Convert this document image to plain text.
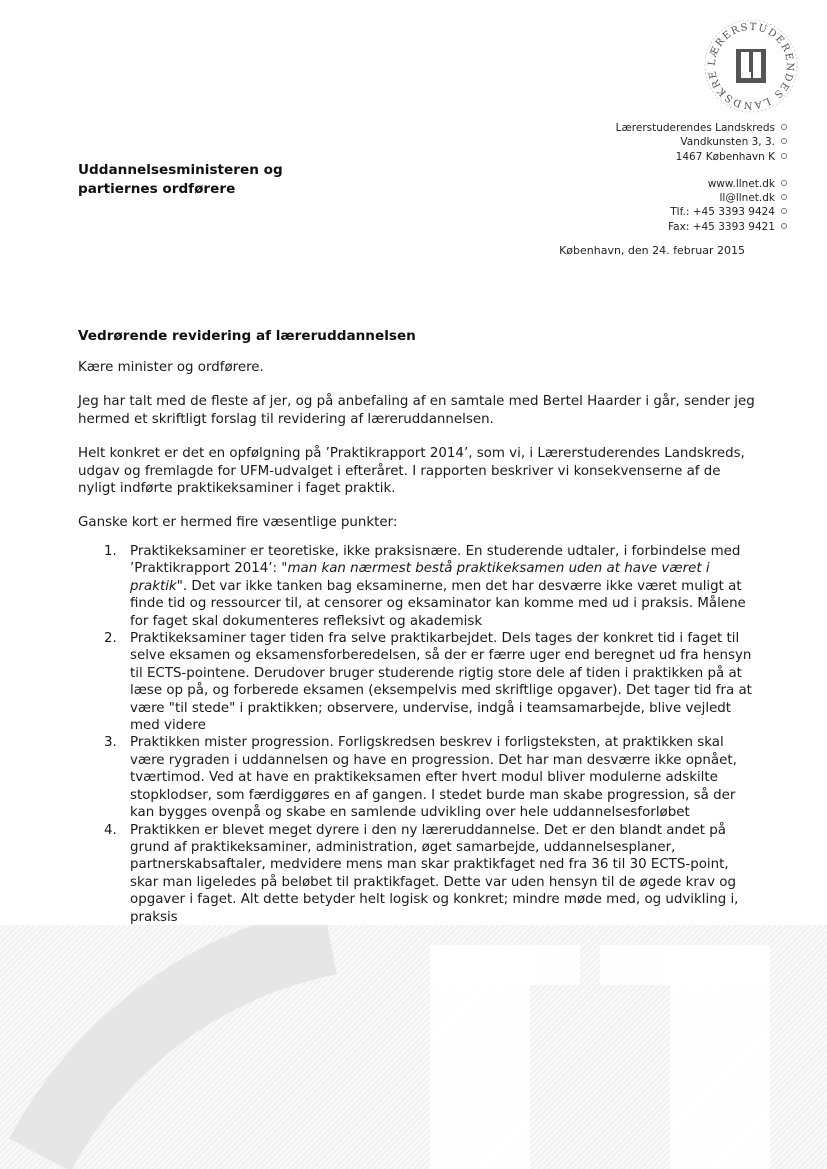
LÆRERSTUDERENDES LANDSKRE
LL
Lærerstuderendes Landskreds
Vandkunsten 3, 3.
1467 København K
www.llnet.dk
ll@llnet.dk
Tlf.: +45 3393 9424
Fax: +45 3393 9421
Uddannelsesministeren og
partiernes ordførere
København, den 24. februar 2015
Vedrørende revidering af læreruddannelsen

Kære minister og ordførere.

Jeg har talt med de fleste af jer, og på anbefaling af en samtale med Bertel Haarder i går, sender jeg hermed et skriftligt forslag til revidering af læreruddannelsen.

Helt konkret er det en opfølgning på ’Praktikrapport 2014’, som vi, i Lærerstuderendes Landskreds, udgav og fremlagde for UFM-udvalget i efteråret. I rapporten beskriver vi konsekvenserne af de nyligt indførte praktikeksaminer i faget praktik.

Ganske kort er hermed fire væsentlige punkter:

1. Praktikeksaminer er teoretiske, ikke praksisnære. En studerende udtaler, i forbindelse med ’Praktikrapport 2014’: "man kan nærmest bestå praktikeksamen uden at have været i praktik". Det var ikke tanken bag eksaminerne, men det har desværre ikke været muligt at finde tid og ressourcer til, at censorer og eksaminator kan komme med ud i praksis. Målene for faget skal dokumenteres refleksivt og akademisk
2. Praktikeksaminer tager tiden fra selve praktikarbejdet. Dels tages der konkret tid i faget til selve eksamen og eksamensforberedelsen, så der er færre uger end beregnet ud fra hensyn til ECTS-pointene. Derudover bruger studerende rigtig store dele af tiden i praktikken på at læse op på, og forberede eksamen (eksempelvis med skriftlige opgaver). Det tager tid fra at være "til stede" i praktikken; observere, undervise, indgå i teamsamarbejde, blive vejledt med videre
3. Praktikken mister progression. Forligskredsen beskrev i forligsteksten, at praktikken skal være rygraden i uddannelsen og have en progression. Det har man desværre ikke opnået, tværtimod. Ved at have en praktikeksamen efter hvert modul bliver modulerne adskilte stopklodser, som færdiggøres en af gangen. I stedet burde man skabe progression, så der kan bygges ovenpå og skabe en samlende udvikling over hele uddannelsesforløbet
4. Praktikken er blevet meget dyrere i den ny læreruddannelse. Det er den blandt andet på grund af praktikeksaminer, administration, øget samarbejde, uddannelsesplaner, partnerskabsaftaler, medvidere mens man skar praktikfaget ned fra 36 til 30 ECTS-point, skar man ligeledes på beløbet til praktikfaget. Dette var uden hensyn til de øgede krav og opgaver i faget. Alt dette betyder helt logisk og konkret; mindre møde med, og udvikling i, praksis
